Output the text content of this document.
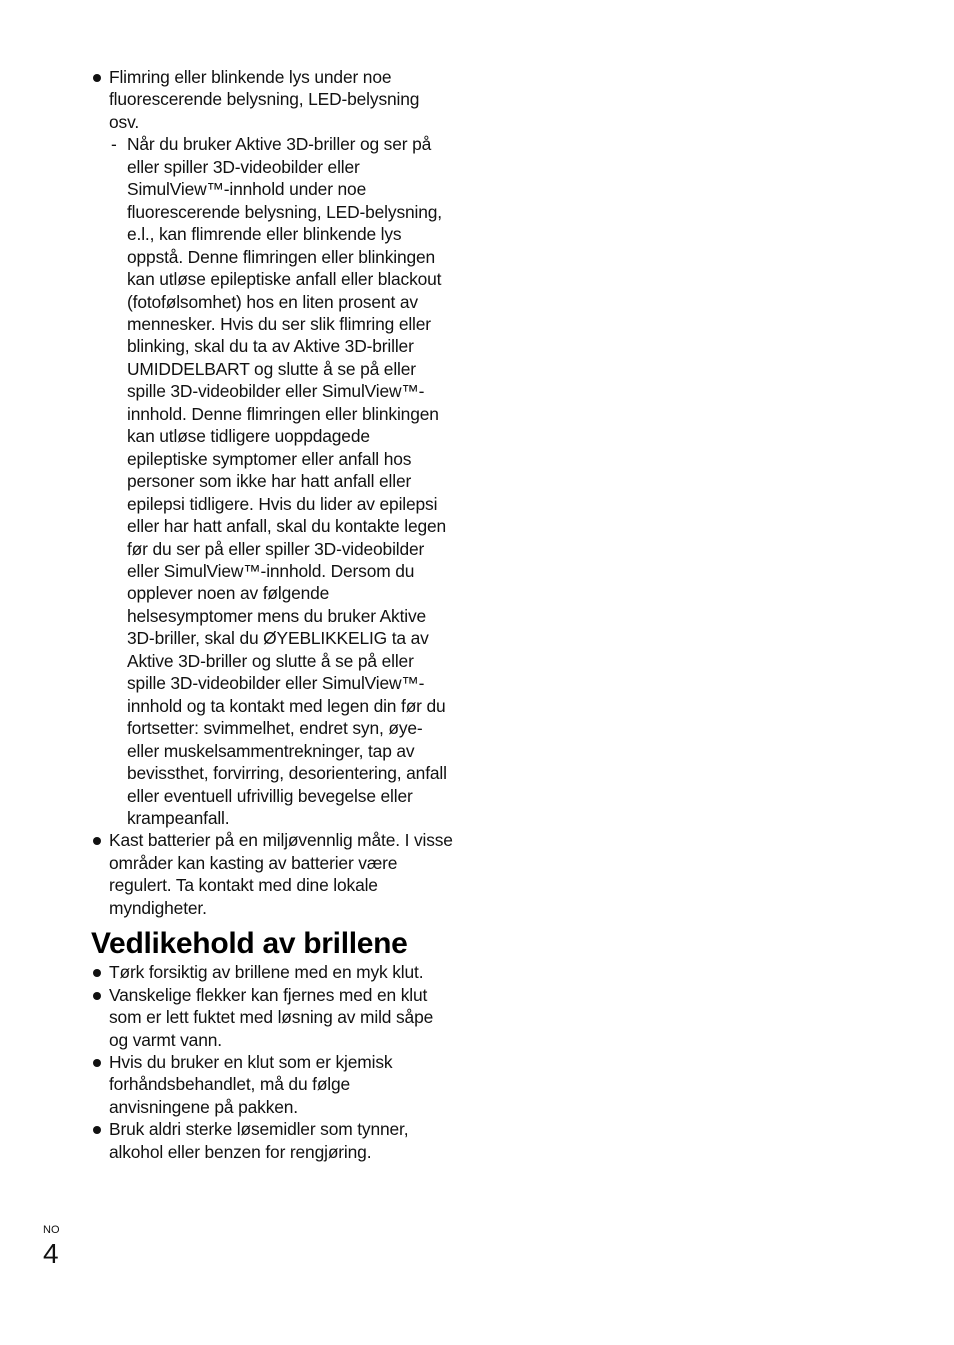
Flimring eller blinkende lys under noe fluorescerende belysning, LED-belysning osv.
- Når du bruker Aktive 3D-briller og ser på eller spiller 3D-videobilder eller SimulView™-innhold under noe fluorescerende belysning, LED-belysning, e.l., kan flimrende eller blinkende lys oppstå. Denne flimringen eller blinkingen kan utløse epileptiske anfall eller blackout (fotofølsomhet) hos en liten prosent av mennesker. Hvis du ser slik flimring eller blinking, skal du ta av Aktive 3D-briller UMIDDELBART og slutte å se på eller spille 3D-videobilder eller SimulView™-innhold. Denne flimringen eller blinkingen kan utløse tidligere uoppdagede epileptiske symptomer eller anfall hos personer som ikke har hatt anfall eller epilepsi tidligere. Hvis du lider av epilepsi eller har hatt anfall, skal du kontakte legen før du ser på eller spiller 3D-videobilder eller SimulView™-innhold. Dersom du opplever noen av følgende helsesymptomer mens du bruker Aktive 3D-briller, skal du ØYEBLIKKELIG ta av Aktive 3D-briller og slutte å se på eller spille 3D-videobilder eller SimulView™-innhold og ta kontakt med legen din før du fortsetter: svimmelhet, endret syn, øye- eller muskelsammentrekninger, tap av bevissthet, forvirring, desorientering, anfall eller eventuell ufrivillig bevegelse eller krampeanfall.
Kast batterier på en miljøvennlig måte. I visse områder kan kasting av batterier være regulert. Ta kontakt med dine lokale myndigheter.
Vedlikehold av brillene
Tørk forsiktig av brillene med en myk klut.
Vanskelige flekker kan fjernes med en klut som er lett fuktet med løsning av mild såpe og varmt vann.
Hvis du bruker en klut som er kjemisk forhåndsbehandlet, må du følge anvisningene på pakken.
Bruk aldri sterke løsemidler som tynner, alkohol eller benzen for rengjøring.
NO
4
